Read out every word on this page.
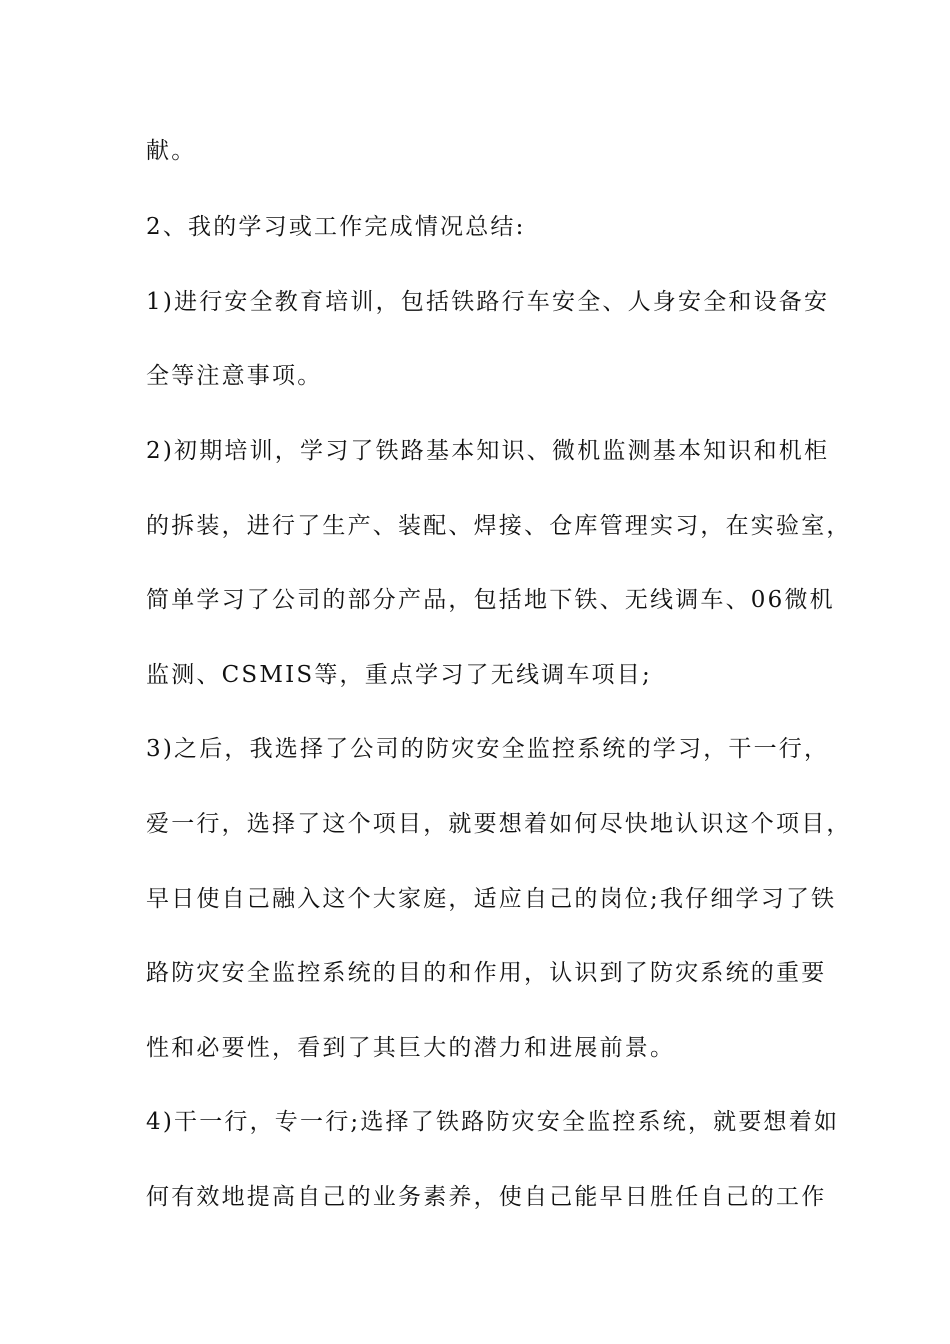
献。
2、我的学习或工作完成情况总结:
1)进行安全教育培训，包括铁路行车安全、人身安全和设备安
全等注意事项。
2)初期培训，学习了铁路基本知识、微机监测基本知识和机柜
的拆装，进行了生产、装配、焊接、仓库管理实习，在实验室，
简单学习了公司的部分产品，包括地下铁、无线调车、06微机
监测、CSMIS等，重点学习了无线调车项目;
3)之后，我选择了公司的防灾安全监控系统的学习，干一行，
爱一行，选择了这个项目，就要想着如何尽快地认识这个项目，
早日使自己融入这个大家庭，适应自己的岗位;我仔细学习了铁
路防灾安全监控系统的目的和作用，认识到了防灾系统的重要
性和必要性，看到了其巨大的潜力和进展前景。
4)干一行，专一行;选择了铁路防灾安全监控系统，就要想着如
何有效地提高自己的业务素养，使自己能早日胜任自己的工作
